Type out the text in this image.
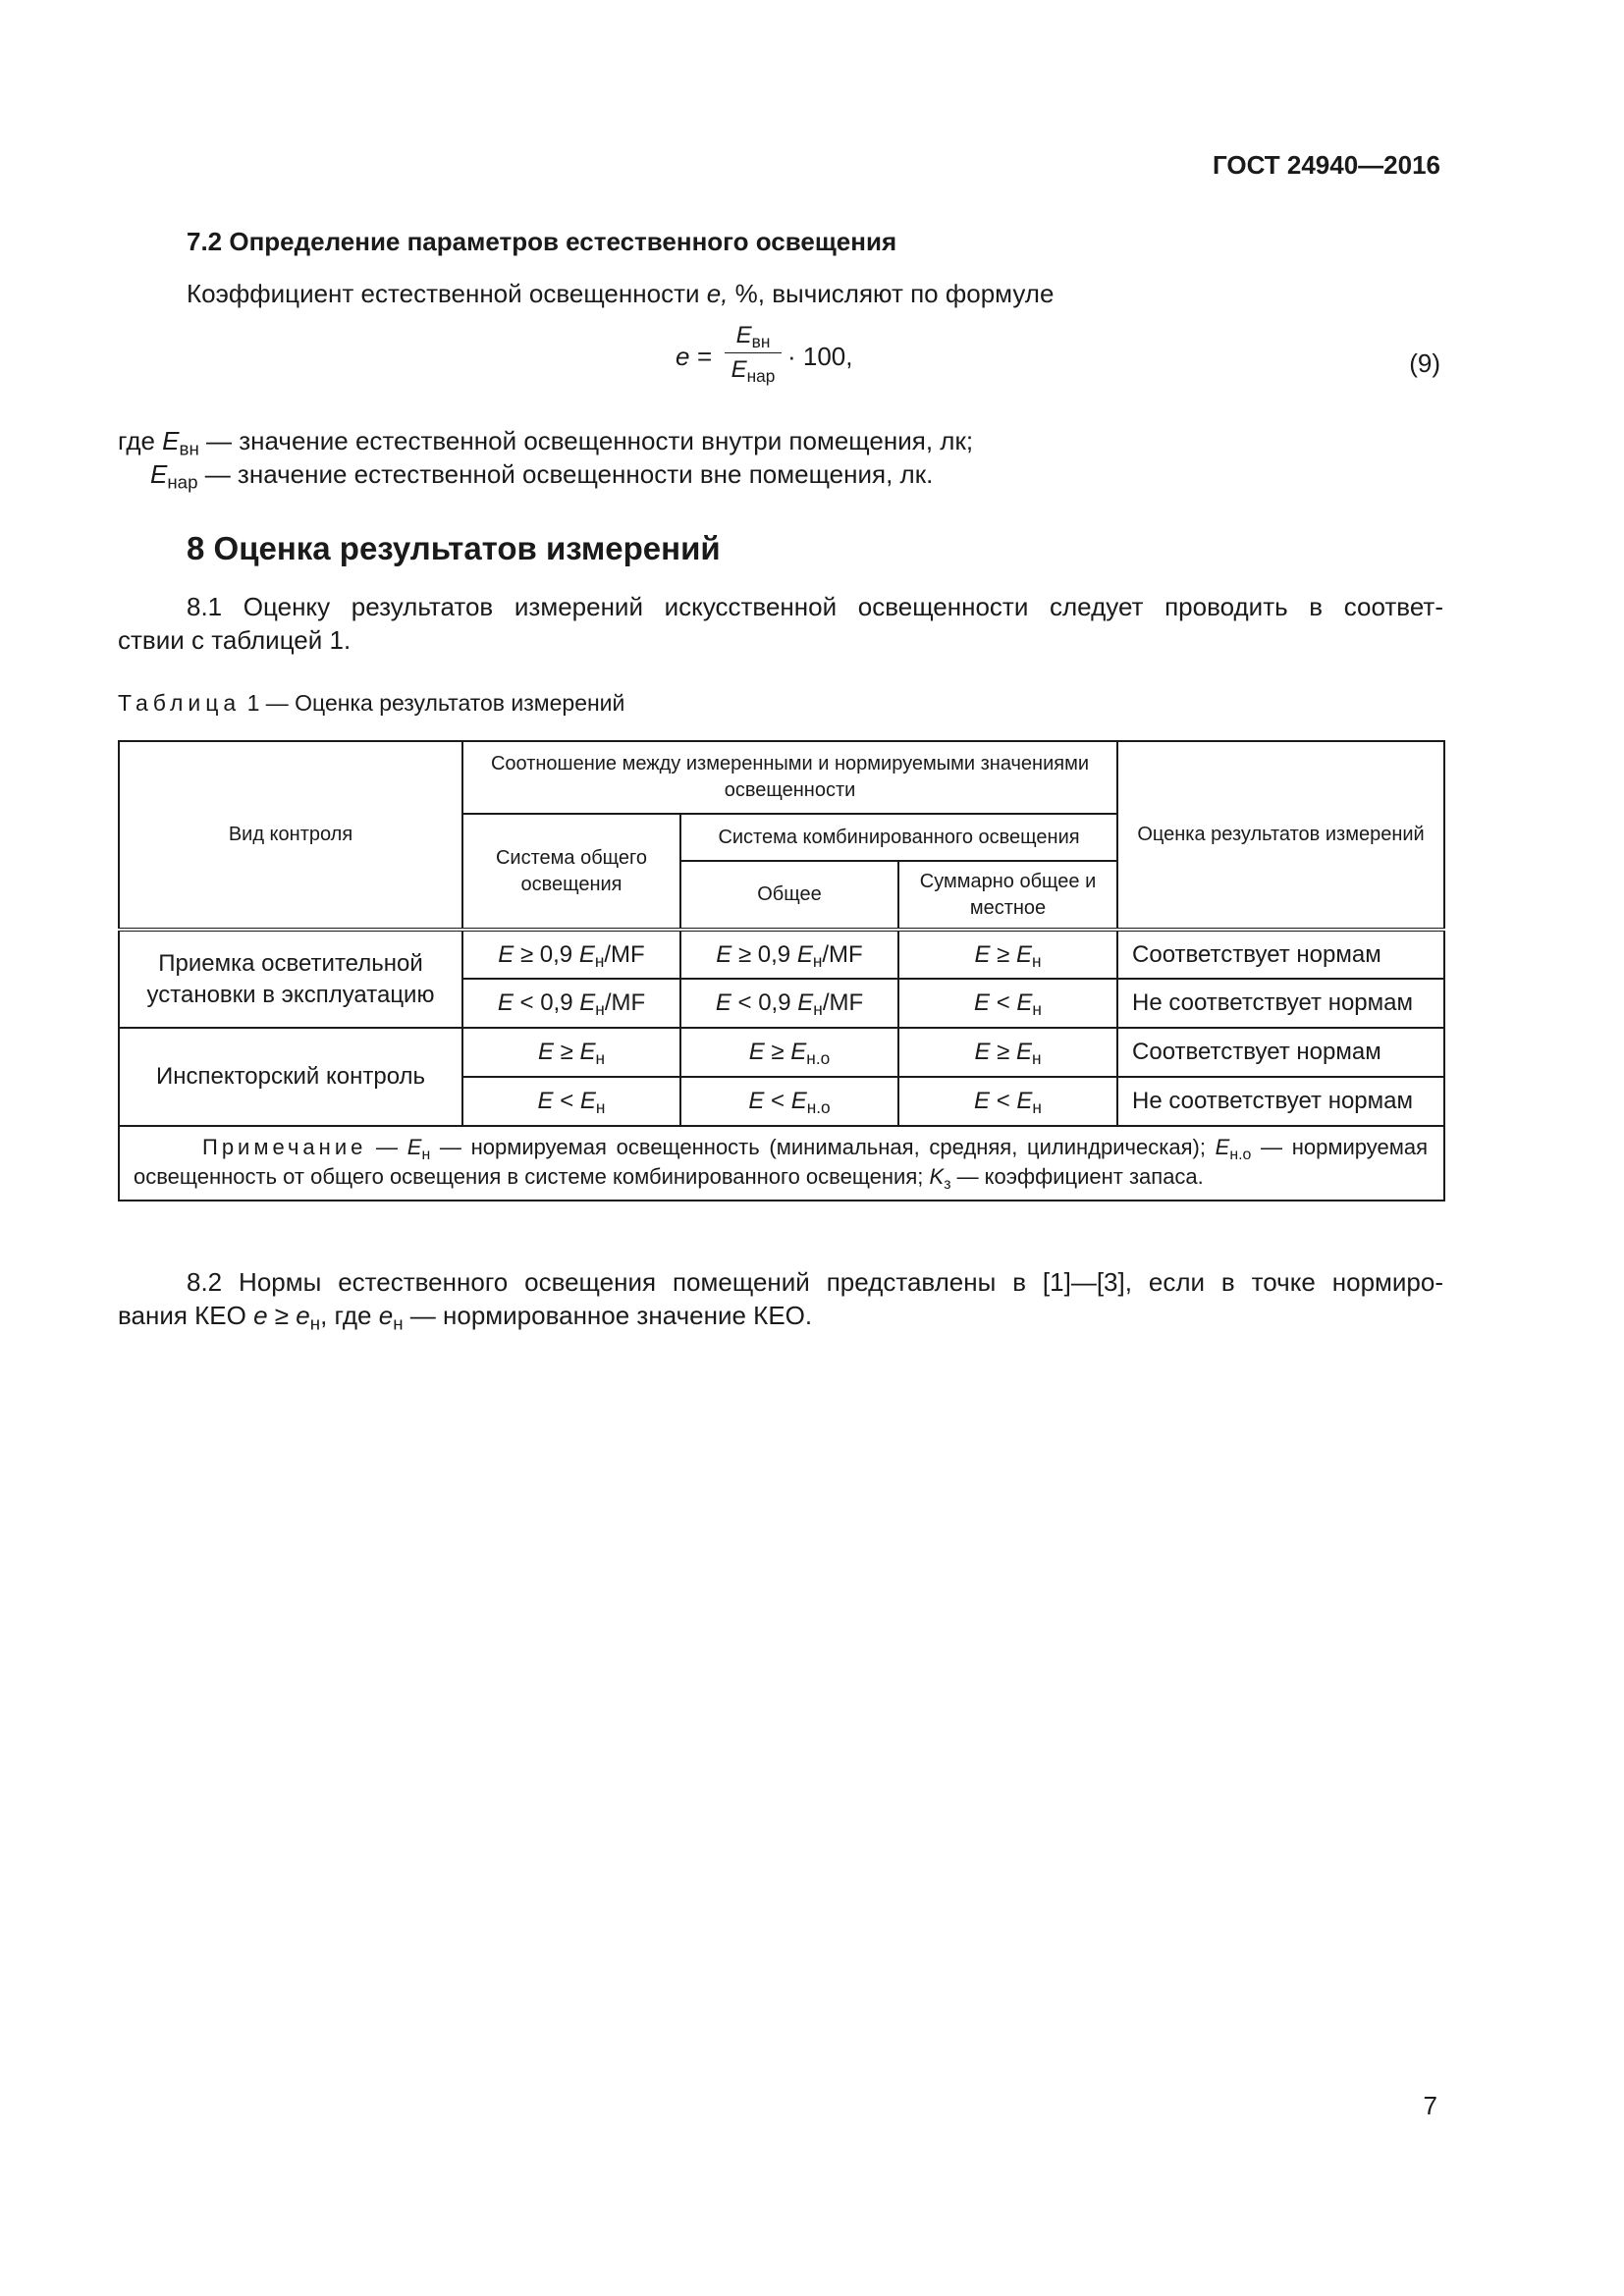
ГОСТ 24940—2016
7.2 Определение параметров естественного освещения
Коэффициент естественной освещенности e, %, вычисляют по формуле
e =
$E_{вн}$
$E_{нар}$
· 100,	(9)
где $E_{вн}$ — значение естественной освещенности внутри помещения, лк;
$E_{нар}$ — значение естественной освещенности вне помещения, лк.
8 Оценка результатов измерений
8.1 Оценку результатов измерений искусственной освещенности следует проводить в соответ-
ствии с таблицей 1.
Таблица 1 — Оценка результатов измерений
Вид контроля	Соотношение между измеренными и нормируемыми значениями освещенности			Оценка результатов измерений
	Система общего освещения	Система комбинированного освещения		
		Общее	Суммарно общее и местное	
Приемка осветительной установки в эксплуатацию	E ≥ 0,9 $E_н/MF$	E ≥ 0,9 $E_н/MF$	$E \ge E_н$	Соответствует нормам
	E < 0,9 $E_н/MF$	E < 0,9 $E_н/MF$	$E < E_н$	Не соответствует нормам
Инспекторский контроль	$E \ge E_н$	$E \ge E_{н.о}$	$E \ge E_н$	Соответствует нормам
	$E < E_н$	$E < E_{н.о}$	$E < E_н$	Не соответствует нормам
Примечание — $E_н$ — нормируемая освещенность (минимальная, средняя, цилиндрическая); $E_{н.о}$ — нормируемая освещенность от общего освещения в системе комбинированного освещения; $K_з$ — коэффициент запаса.				
8.2 Нормы естественного освещения помещений представлены в [1]—[3], если в точке нормиро-
вания КЕО $e \ge e_н$, где $e_н$ — нормированное значение КЕО.
7
